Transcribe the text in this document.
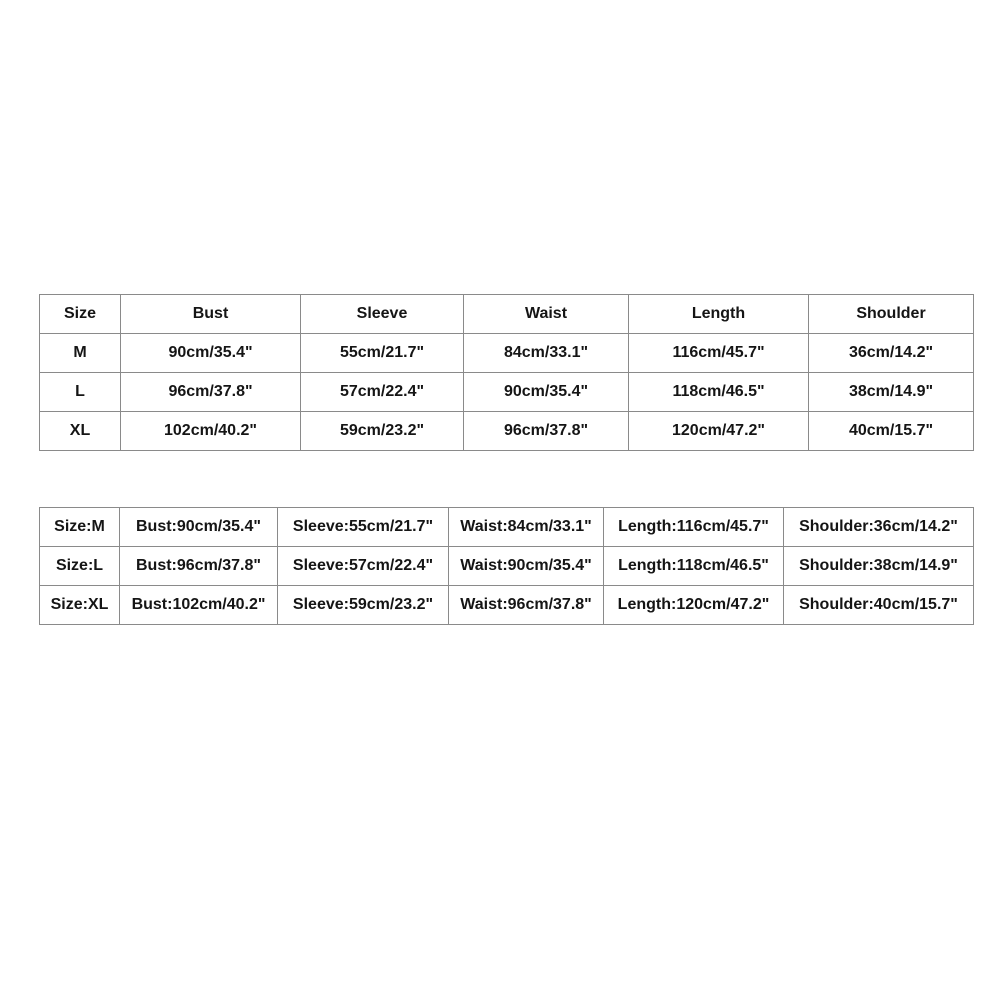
Size	Bust	Sleeve	Waist	Length	Shoulder
M	90cm/35.4"	55cm/21.7"	84cm/33.1"	116cm/45.7"	36cm/14.2"
L	96cm/37.8"	57cm/22.4"	90cm/35.4"	118cm/46.5"	38cm/14.9"
XL	102cm/40.2"	59cm/23.2"	96cm/37.8"	120cm/47.2"	40cm/15.7"
Size:M	Bust:90cm/35.4"	Sleeve:55cm/21.7"	Waist:84cm/33.1"	Length:116cm/45.7"	Shoulder:36cm/14.2"
Size:L	Bust:96cm/37.8"	Sleeve:57cm/22.4"	Waist:90cm/35.4"	Length:118cm/46.5"	Shoulder:38cm/14.9"
Size:XL	Bust:102cm/40.2"	Sleeve:59cm/23.2"	Waist:96cm/37.8"	Length:120cm/47.2"	Shoulder:40cm/15.7"
